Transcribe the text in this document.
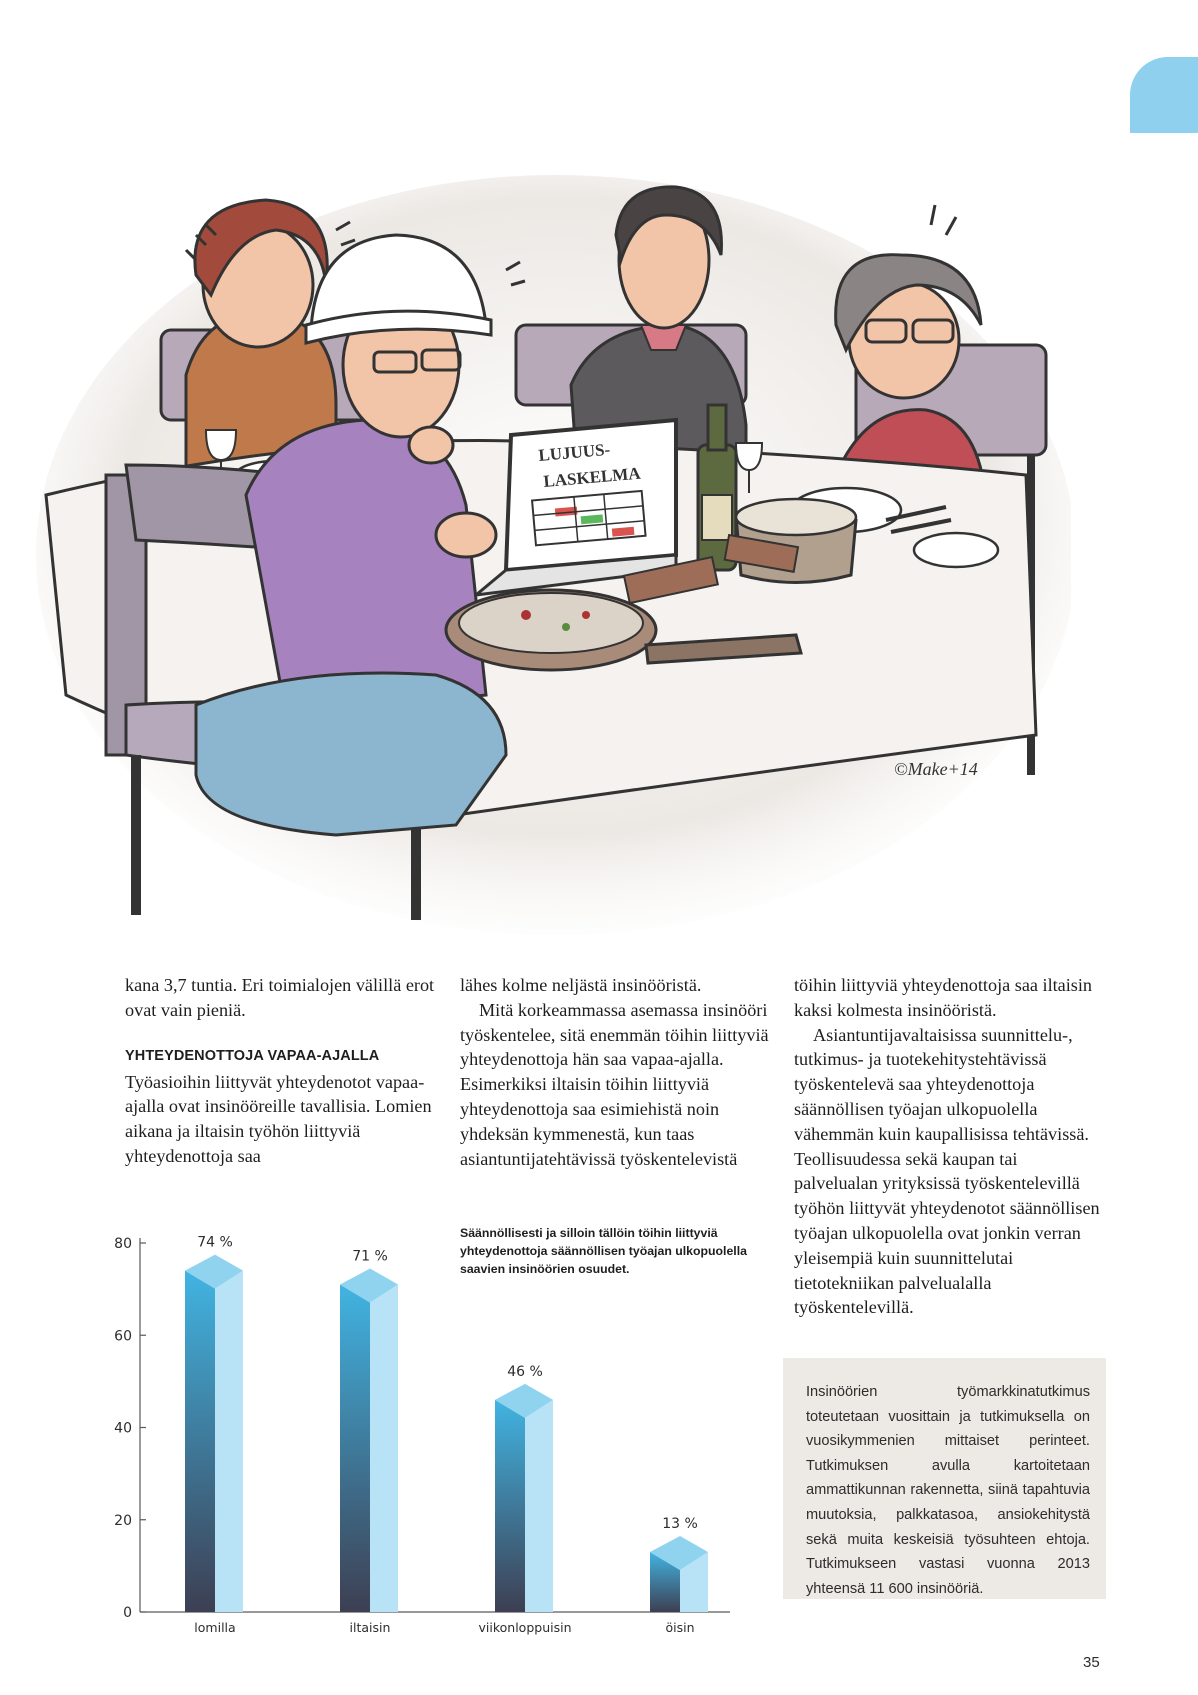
LUJUUS-
LASKELMA
©Make+14

kana 3,7 tuntia. Eri toimialojen välillä erot ovat vain pieniä.

YHTEYDENOTTOJA VAPAA-AJALLA

Työasioihin liittyvät yhteydenotot vapaa-ajalla ovat insinööreille tavallisia. Lomien aikana ja iltaisin työhön liittyviä yhteydenottoja saa

lähes kolme neljästä insinööristä.

Mitä korkeammassa asemassa insinööri työskentelee, sitä enemmän töihin liittyviä yhteydenottoja hän saa vapaa-ajalla. Esimerkiksi iltaisin töihin liittyviä yhteydenottoja saa esimiehistä noin yhdeksän kymmenestä, kun taas asiantuntijatehtävissä työskentelevistä

töihin liittyviä yhteydenottoja saa iltaisin kaksi kolmesta insinööristä.

Asiantuntijavaltaisissa suunnittelu-, tutkimus- ja tuotekehitystehtävissä työskentelevä saa yhteydenottoja säännöllisen työajan ulkopuolella vähemmän kuin kaupallisissa tehtävissä. Teollisuudessa sekä kaupan tai palvelualan yrityksissä työskentelevillä työhön liittyvät yhteydenotot säännöllisen työajan ulkopuolella ovat jonkin verran yleisempiä kuin suunnittelutai tietotekniikan palvelualalla työskentelevillä.

Säännöllisesti ja silloin tällöin töihin liittyviä yhteydenottoja säännöllisen työajan ulkopuolella saavien insinöörien osuudet.
0
20
40
60
80	74 %
lomilla
71 %
iltaisin
46 %
viikonloppuisin
13 %
öisin
Insinöörien työmarkkinatutkimus toteutetaan vuosittain ja tutkimuksella on vuosikymmenien mittaiset perinteet. Tutkimuksen avulla kartoitetaan ammattikunnan rakennetta, siinä tapahtuvia muutoksia, palkkatasoa, ansiokehitystä sekä muita keskeisiä työsuhteen ehtoja. Tutkimukseen vastasi vuonna 2013 yhteensä 11 600 insinööriä.
35
